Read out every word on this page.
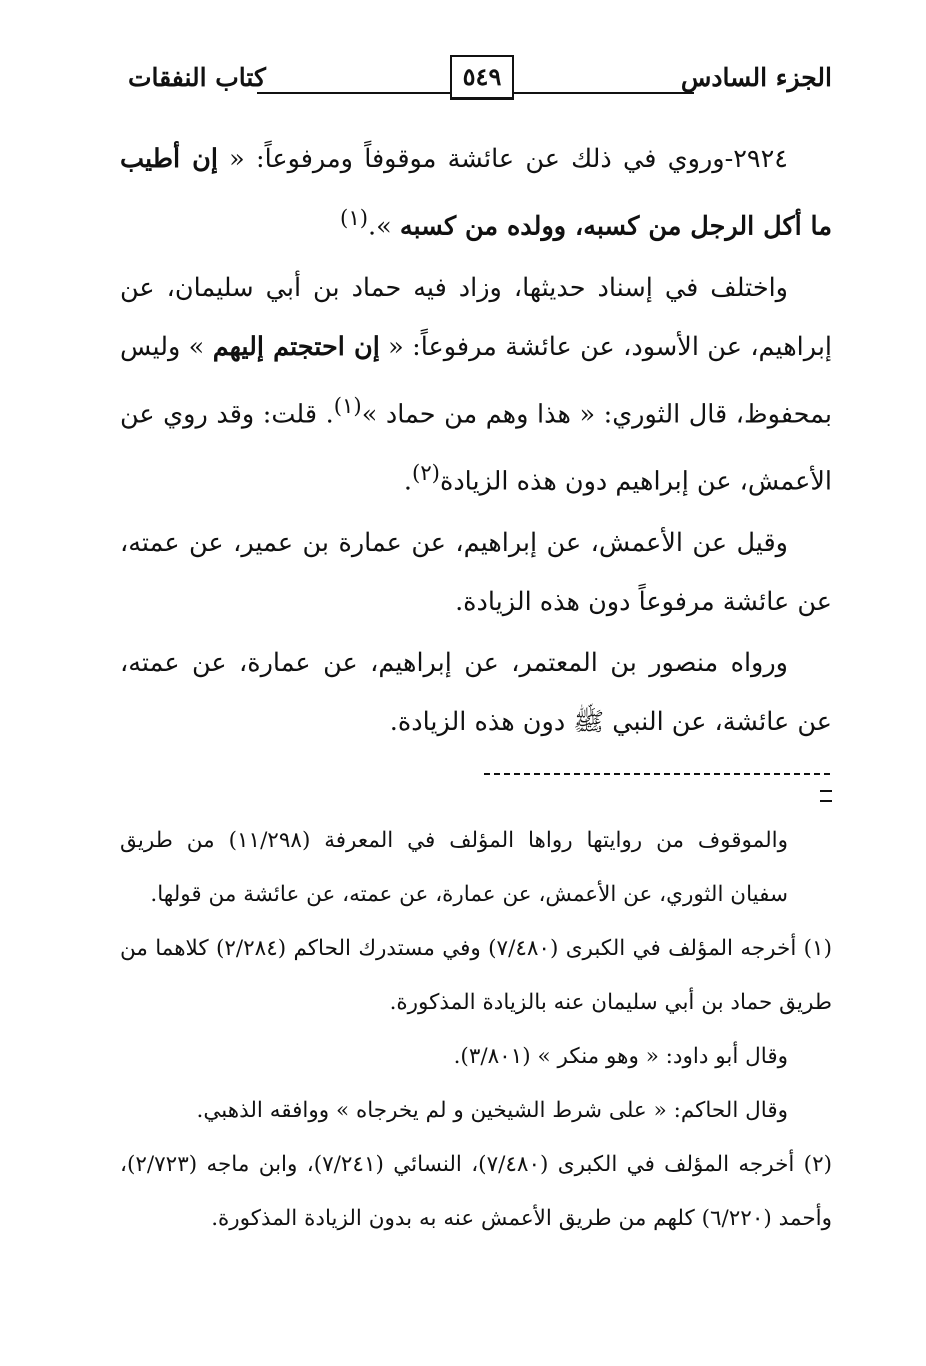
الجزء السادس
٥٤٩
كتاب النفقات

٢٩٢٤-وروي في ذلك عن عائشة موقوفاً ومرفوعاً: « إن أطيب ما أكل الرجل من كسبه، وولده من كسبه ».$^{(١)}$

واختلف في إسناد حديثها، وزاد فيه حماد بن أبي سليمان، عن إبراهيم، عن الأسود، عن عائشة مرفوعاً: « إن احتجتم إليهم » وليس بمحفوظ، قال الثوري: « هذا وهم من حماد »$^{(١)}$. قلت: وقد روي عن الأعمش، عن إبراهيم دون هذه الزيادة$^{(٢)}$.

وقيل عن الأعمش، عن إبراهيم، عن عمارة بن عمير، عن عمته، عن عائشة مرفوعاً دون هذه الزيادة.

ورواه منصور بن المعتمر، عن إبراهيم، عن عمارة، عن عمته، عن عائشة، عن النبي ﷺ دون هذه الزيادة.

والموقوف من روايتها رواها المؤلف في المعرفة (١١/٢٩٨) من طريق سفيان الثوري، عن الأعمش، عن عمارة، عن عمته، عن عائشة من قولها.

(١) أخرجه المؤلف في الكبرى (٧/٤٨٠) وفي مستدرك الحاكم (٢/٢٨٤) كلاهما من طريق حماد بن أبي سليمان عنه بالزيادة المذكورة.

وقال أبو داود: « وهو منكر » (٣/٨٠١).

وقال الحاكم: « على شرط الشيخين و لم يخرجاه » ووافقه الذهبي.

(٢) أخرجه المؤلف في الكبرى (٧/٤٨٠)، النسائي (٧/٢٤١)، وابن ماجه (٢/٧٢٣)، وأحمد (٦/٢٢٠) كلهم من طريق الأعمش عنه به بدون الزيادة المذكورة.
